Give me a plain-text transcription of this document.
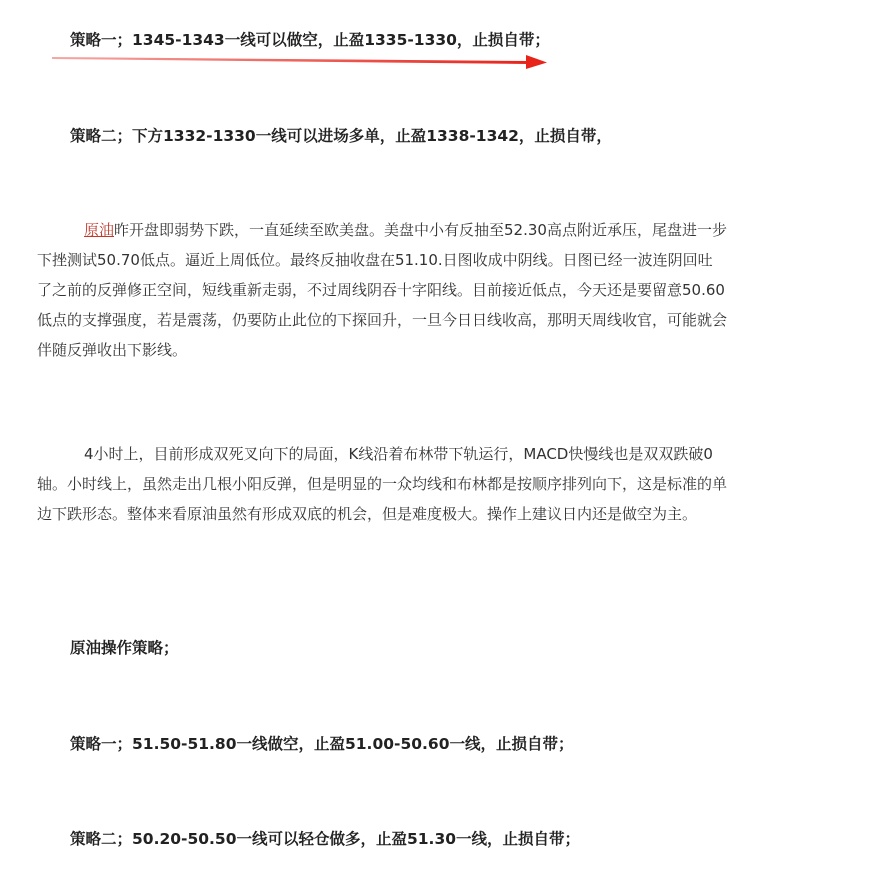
策略一；1345-1343一线可以做空，止盈1335-1330，止损自带；
策略二；下方1332-1330一线可以进场多单，止盈1338-1342，止损自带，
原油昨开盘即弱势下跌，一直延续至欧美盘。美盘中小有反抽至52.30高点附近承压，尾盘进一步下挫测试50.70低点。逼近上周低位。最终反抽收盘在51.10.日图收成中阴线。日图已经一波连阴回吐了之前的反弹修正空间，短线重新走弱，不过周线阴吞十字阳线。目前接近低点，今天还是要留意50.60低点的支撑强度，若是震荡，仍要防止此位的下探回升，一旦今日日线收高，那明天周线收官，可能就会伴随反弹收出下影线。
4小时上，目前形成双死叉向下的局面，K线沿着布林带下轨运行，MACD快慢线也是双双跌破0轴。小时线上，虽然走出几根小阳反弹，但是明显的一众均线和布林都是按顺序排列向下，这是标准的单边下跌形态。整体来看原油虽然有形成双底的机会，但是难度极大。操作上建议日内还是做空为主。
原油操作策略；
策略一；51.50-51.80一线做空，止盈51.00-50.60一线，止损自带；
策略二；50.20-50.50一线可以轻仓做多，止盈51.30一线，止损自带；
